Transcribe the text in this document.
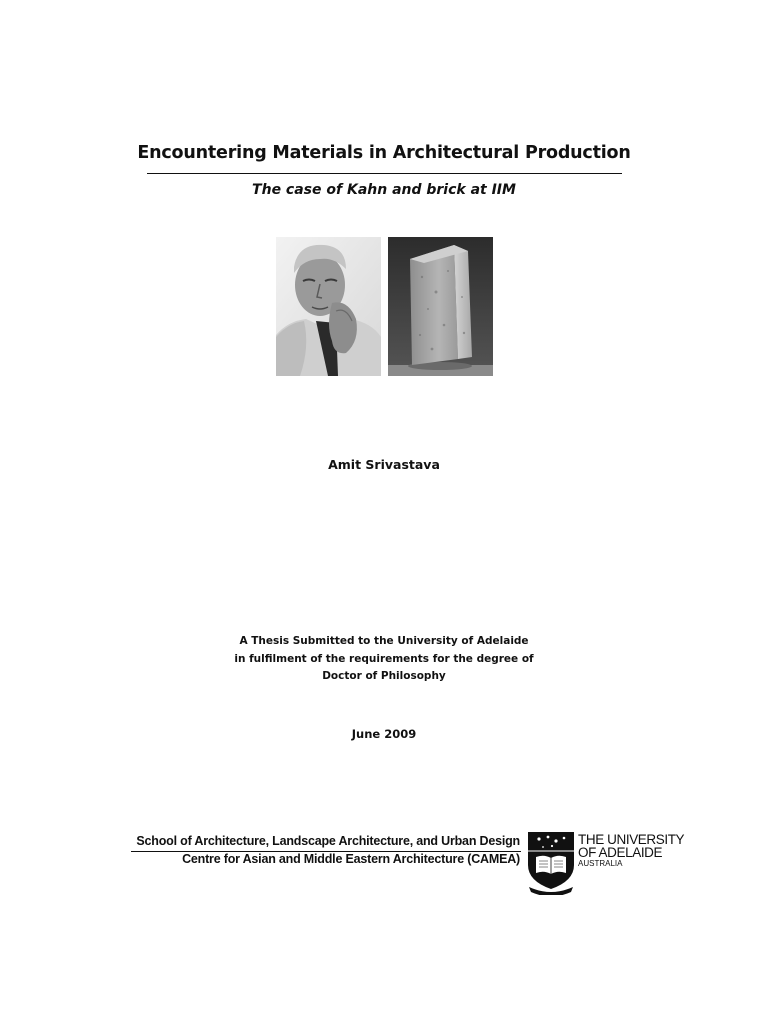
Encountering Materials in Architectural Production
The case of Kahn and brick at IIM
Amit Srivastava
A Thesis Submitted to the University of Adelaide
in fulfilment of the requirements for the degree of
Doctor of Philosophy
June 2009
School of Architecture, Landscape Architecture, and Urban Design
Centre for Asian and Middle Eastern Architecture (CAMEA)
THE UNIVERSITY
OF ADELAIDE
AUSTRALIA
